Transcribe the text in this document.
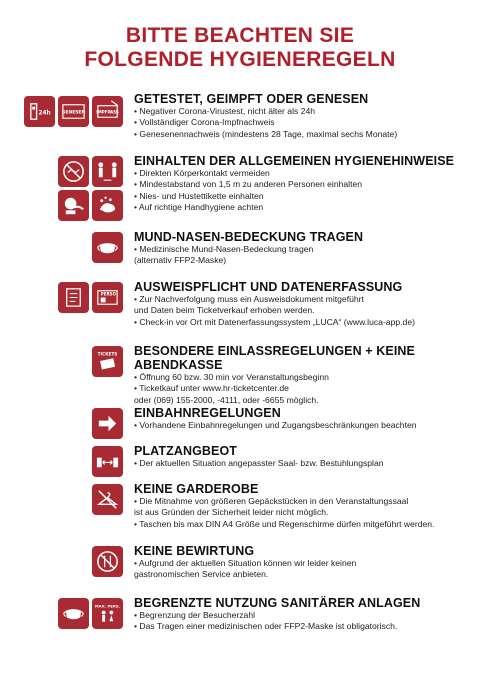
BITTE BEACHTEN SIE
FOLGENDE HYGIENEREGELN
24h GENESEN	IMPFPASS
GETESTET, GEIMPFT ODER GENESEN
• Negativer Corona-Virustest, nicht älter als 24h
• Vollständiger Corona-Impfnachweis
• Genesenennachweis (mindestens 28 Tage, maximal sechs Monate)
EINHALTEN DER ALLGEMEINEN HYGIENEHINWEISE
• Direkten Körperkontakt vermeiden
• Mindestabstand von 1,5 m zu anderen Personen einhalten
• Nies- und Hustettikette einhalten
• Auf richtige Handhygiene achten
MUND-NASEN-BEDECKUNG TRAGEN
• Medizinische Mund-Nasen-Bedeckung tragen
(alternativ FFP2-Maske)
PERSO
AUSWEISPFLICHT UND DATENERFASSUNG
• Zur Nachverfolgung muss ein Ausweisdokument mitgeführt
und Daten beim Ticketverkauf erhoben werden.
• Check-in vor Ort mit Datenerfassungssystem „LUCA“ (www.luca-app.de)
TICKETS BESONDERE EINLASSREGELUNGEN + KEINE ABENDKASSE
• Öffnung 60 bzw. 30 min vor Veranstaltungsbeginn
• Ticketkauf unter www.hr-ticketcenter.de
oder (069) 155-2000, -4111, oder -6655 möglich.
EINBAHNREGELUNGEN
• Vorhandene Einbahnregelungen und Zugangsbeschränkungen beachten
PLATZANGBEOT
• Der aktuellen Situation angepasster Saal- bzw. Bestuhlungsplan
KEINE GARDEROBE
• Die Mitnahme von größeren Gepäckstücken in den Veranstaltungssaal
ist aus Gründen der Sicherheit leider nicht möglich.
• Taschen bis max DIN A4 Größe und Regenschirme dürfen mitgeführt werden.
KEINE BEWIRTUNG
• Aufgrund der aktuellen Situation können wir leider keinen
gastronomischen Service anbieten.
MAX. PERS. BEGRENZTE NUTZUNG SANITÄRER ANLAGEN
• Begrenzung der Besucherzahl
• Das Tragen einer medizinischen oder FFP2-Maske ist obligatorisch.
